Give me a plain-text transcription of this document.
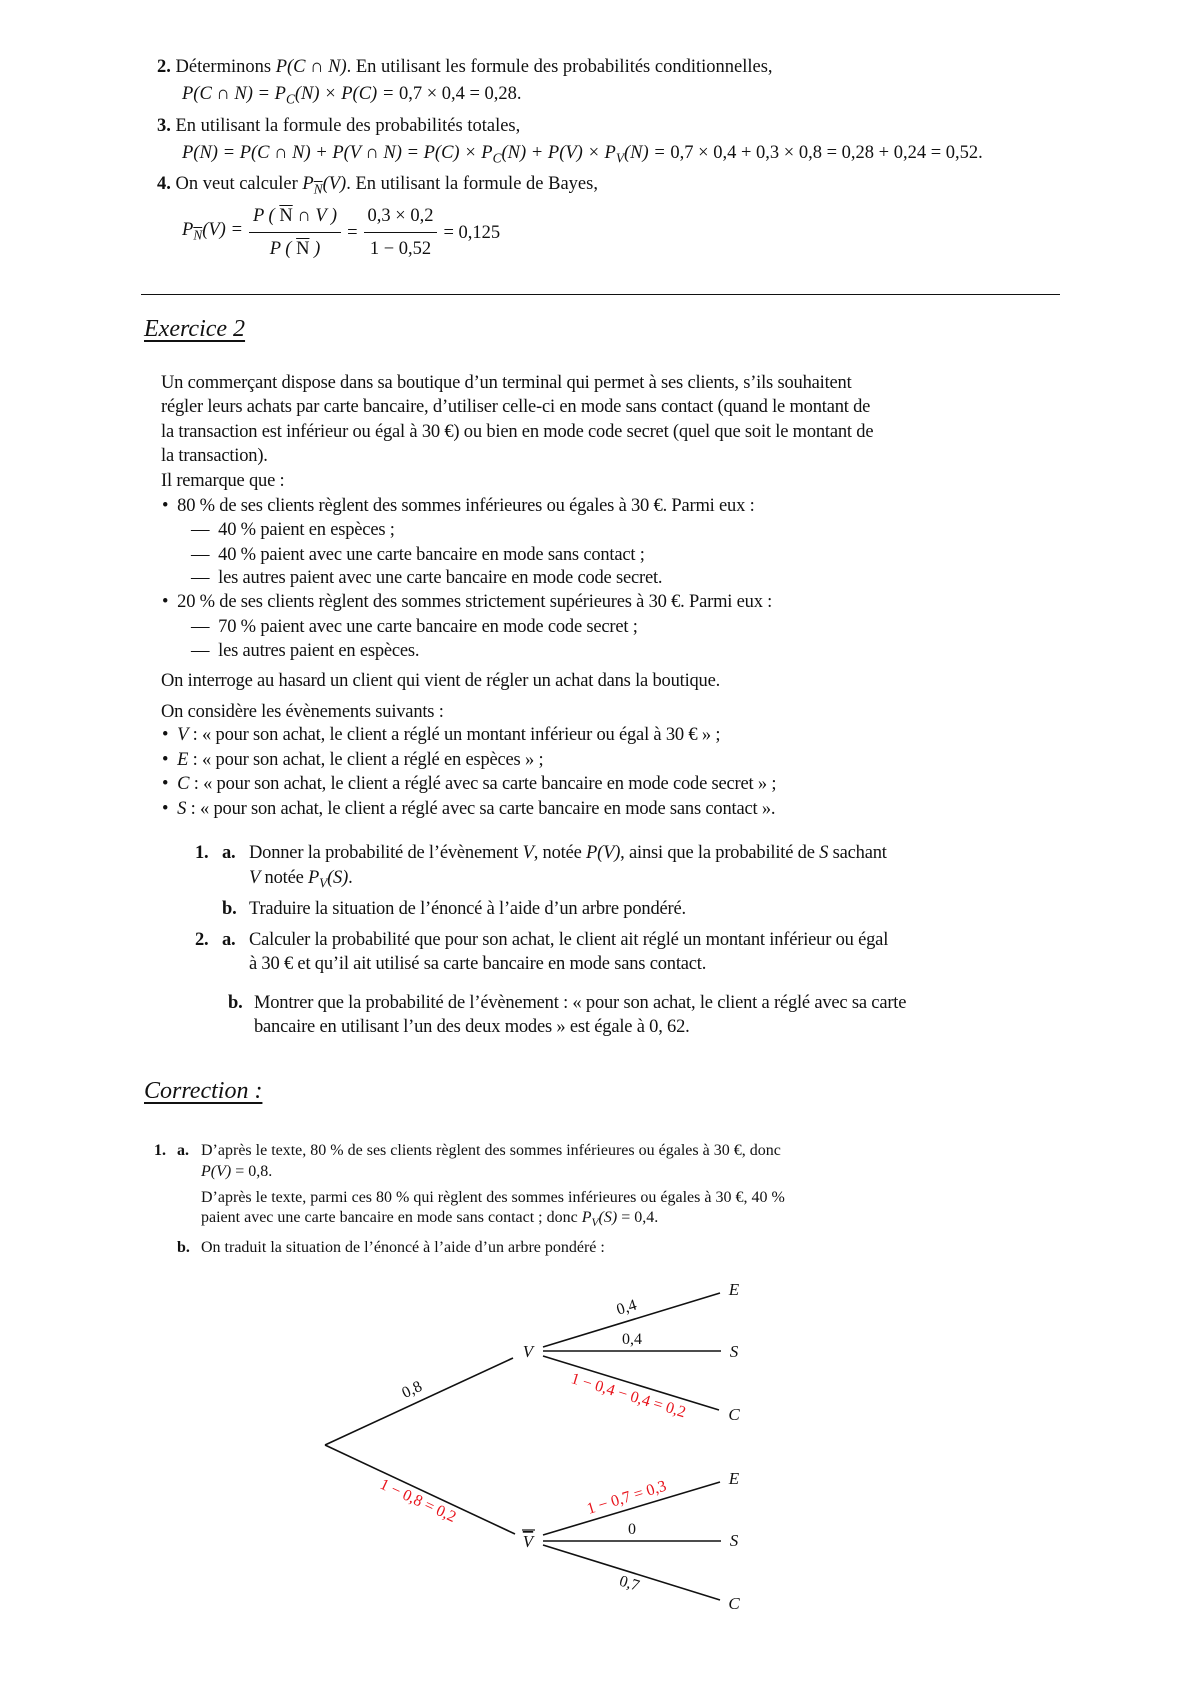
2. Déterminons P(C ∩ N). En utilisant les formule des probabilités conditionnelles,
P(C ∩ $N) = P_C(N) \times P(C) = 0,7 \times 0,4 = 0,28$.
3. En utilisant la formule des probabilités totales,
P(N) = P(C ∩ N) + P(V ∩ $N) = P(C) \times P_C(N) + P(V) \times P_V(N) = 0,7 \times 0,4 + 0,3 \times 0,8 = 0,28 + 0,24 = 0,52$.
4. On veut calculer $P_{\overline{N}}(V)$. En utilisant la formule de Bayes,
$P_{\overline{N}}(V) = \frac{P ( \overline{N} \cap V )}{P ( \overline{N} )} = \frac{0,3 \times 0,2}{1 - 0,52} = 0,125$
Exercice 2
Un commerçant dispose dans sa boutique d’un terminal qui permet à ses clients, s’ils souhaitent
régler leurs achats par carte bancaire, d’utiliser celle-ci en mode sans contact (quand le montant de
la transaction est inférieur ou égal à 30 €) ou bien en mode code secret (quel que soit le montant de
la transaction).
Il remarque que :
•  80 % de ses clients règlent des sommes inférieures ou égales à 30 €. Parmi eux :
—  40 % paient en espèces ;
—  40 % paient avec une carte bancaire en mode sans contact ;
—  les autres paient avec une carte bancaire en mode code secret.
•  20 % de ses clients règlent des sommes strictement supérieures à 30 €. Parmi eux :
—  70 % paient avec une carte bancaire en mode code secret ;
—  les autres paient en espèces.
On interroge au hasard un client qui vient de régler un achat dans la boutique.
On considère les évènements suivants :
•  V : « pour son achat, le client a réglé un montant inférieur ou égal à 30 € » ;
•  E : « pour son achat, le client a réglé en espèces » ;
•  C : « pour son achat, le client a réglé avec sa carte bancaire en mode code secret » ;
•  S : « pour son achat, le client a réglé avec sa carte bancaire en mode sans contact ».
1. a. Donner la probabilité de l’évènement V, notée P(V), ainsi que la probabilité de S sachant
V notée $P_V(S)$.
b. Traduire la situation de l’énoncé à l’aide d’un arbre pondéré.
2. a. Calculer la probabilité que pour son achat, le client ait réglé un montant inférieur ou égal
à 30 € et qu’il ait utilisé sa carte bancaire en mode sans contact.
b. Montrer que la probabilité de l’évènement : « pour son achat, le client a réglé avec sa carte
bancaire en utilisant l’un des deux modes » est égale à 0, 62.
Correction :
1. a. D’après le texte, 80 % de ses clients règlent des sommes inférieures ou égales à 30 €, donc
P(V) = 0,8.
D’après le texte, parmi ces 80 % qui règlent des sommes inférieures ou égales à 30 €, 40 %
paient avec une carte bancaire en mode sans contact ; donc $P_V(S) = 0,4$.
b. On traduit la situation de l’énoncé à l’aide d’un arbre pondéré :
V
V
E
S
C
E
S
C
0,8
1 − 0,8 = 0,2
0,4
0,4
1 − 0,4 − 0,4 = 0,2
1 − 0,7 = 0,3
0
0,7
